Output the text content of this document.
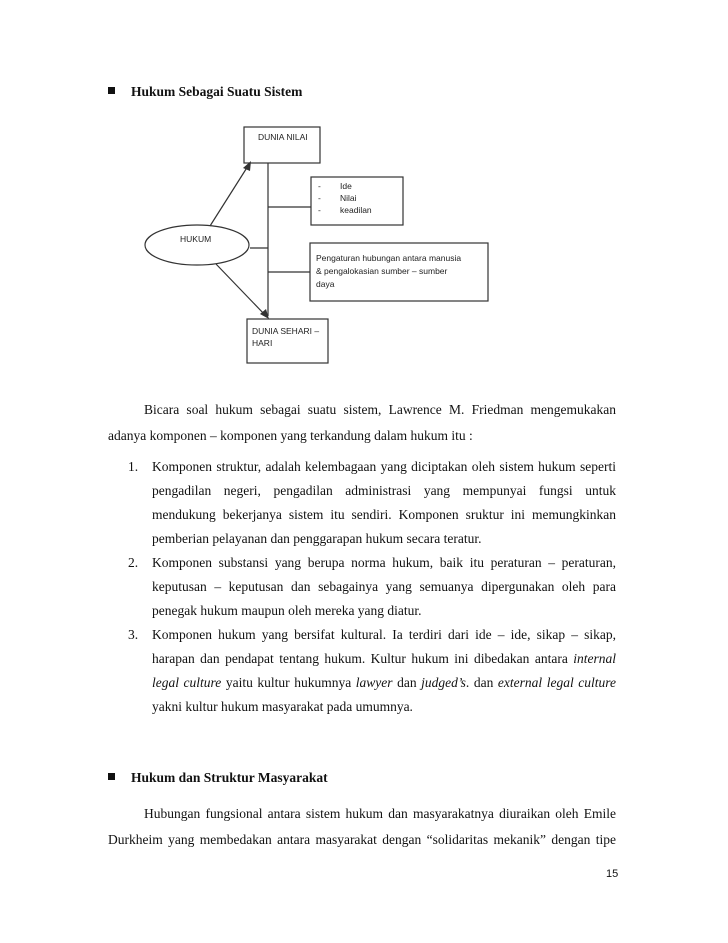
Hukum Sebagai Suatu Sistem
DUNIA NILAI
HUKUM
- Ide
- Nilai
- keadilan
Pengaturan hubungan antara manusia
& pengalokasian sumber – sumber
daya
DUNIA SEHARI –
HARI
Bicara soal hukum sebagai suatu sistem, Lawrence M. Friedman mengemukakan
adanya komponen – komponen yang terkandung dalam hukum itu :
1. Komponen struktur, adalah kelembagaan yang diciptakan oleh sistem hukum seperti pengadilan negeri, pengadilan administrasi yang mempunyai fungsi untuk mendukung bekerjanya sistem itu sendiri. Komponen sruktur ini memungkinkan pemberian pelayanan dan penggarapan hukum secara teratur.
2. Komponen substansi yang berupa norma hukum, baik itu peraturan – peraturan, keputusan – keputusan dan sebagainya yang semuanya dipergunakan oleh para penegak hukum maupun oleh mereka yang diatur.
3. Komponen hukum yang bersifat kultural. Ia terdiri dari ide – ide, sikap – sikap, harapan dan pendapat tentang hukum. Kultur hukum ini dibedakan antara internal legal culture yaitu kultur hukumnya lawyer dan judged’s. dan external legal culture yakni kultur hukum masyarakat pada umumnya.
Hukum dan Struktur Masyarakat
Hubungan fungsional antara sistem hukum dan masyarakatnya diuraikan oleh Emile
Durkheim yang membedakan antara masyarakat dengan “solidaritas mekanik” dengan tipe
15
